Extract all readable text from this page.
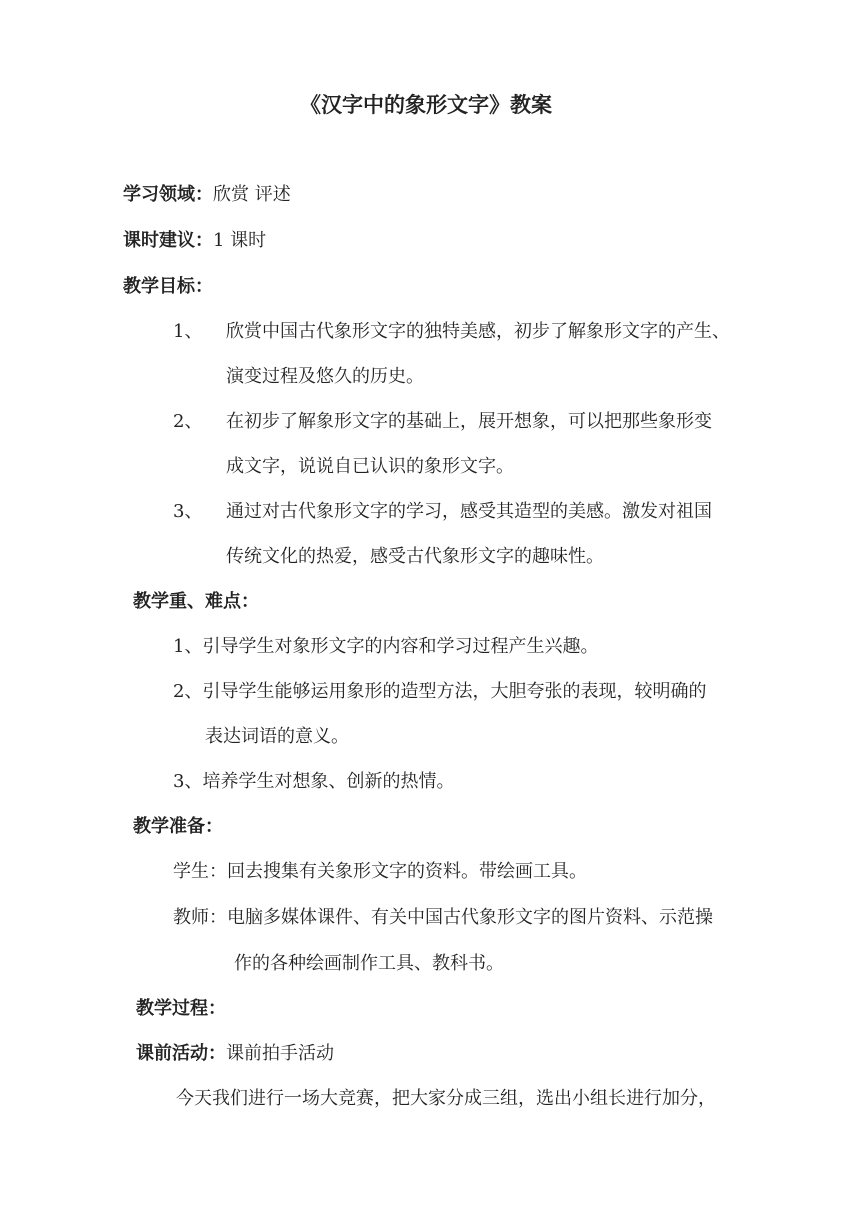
《汉字中的象形文字》教案
学习领域：欣赏 评述
课时建议：1 课时
教学目标：
1、 欣赏中国古代象形文字的独特美感，初步了解象形文字的产生、
演变过程及悠久的历史。
2、 在初步了解象形文字的基础上，展开想象，可以把那些象形变
成文字，说说自已认识的象形文字。
3、 通过对古代象形文字的学习，感受其造型的美感。激发对祖国
传统文化的热爱，感受古代象形文字的趣味性。
教学重、难点：
1、引导学生对象形文字的内容和学习过程产生兴趣。
2、引导学生能够运用象形的造型方法，大胆夸张的表现，较明确的
表达词语的意义。
3、培养学生对想象、创新的热情。
教学准备：
学生：回去搜集有关象形文字的资料。带绘画工具。
教师：电脑多媒体课件、有关中国古代象形文字的图片资料、示范操
作的各种绘画制作工具、教科书。
教学过程：
课前活动：课前拍手活动
今天我们进行一场大竞赛，把大家分成三组，选出小组长进行加分，
